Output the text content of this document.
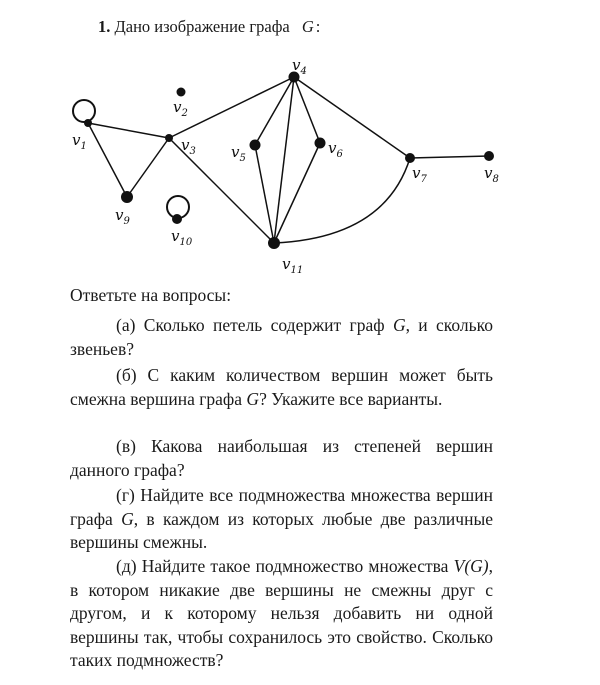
1. Дано изображение графа G :
$v_1$
$v_2$
$v_3$
$v_4$
$v_5$
$v_6$
$v_7$	$v_8$
$v_9$
$v_{10}$
$v_{11}$
Ответьте на вопросы:

(а) Сколько петель содержит граф G, и сколько звеньев?

(б) С каким количеством вершин может быть смежна вершина графа G? Укажите все варианты.

(в) Какова наибольшая из степеней вершин данного графа?

(г) Найдите все подмножества множества вершин графа G, в каждом из которых любые две различные вершины смежны.

(д) Найдите такое подмножество множества V(G), в котором никакие две вершины не смежны друг с другом, и к которому нельзя добавить ни одной вершины так, чтобы сохранилось это свойство. Сколько таких подмножеств?
